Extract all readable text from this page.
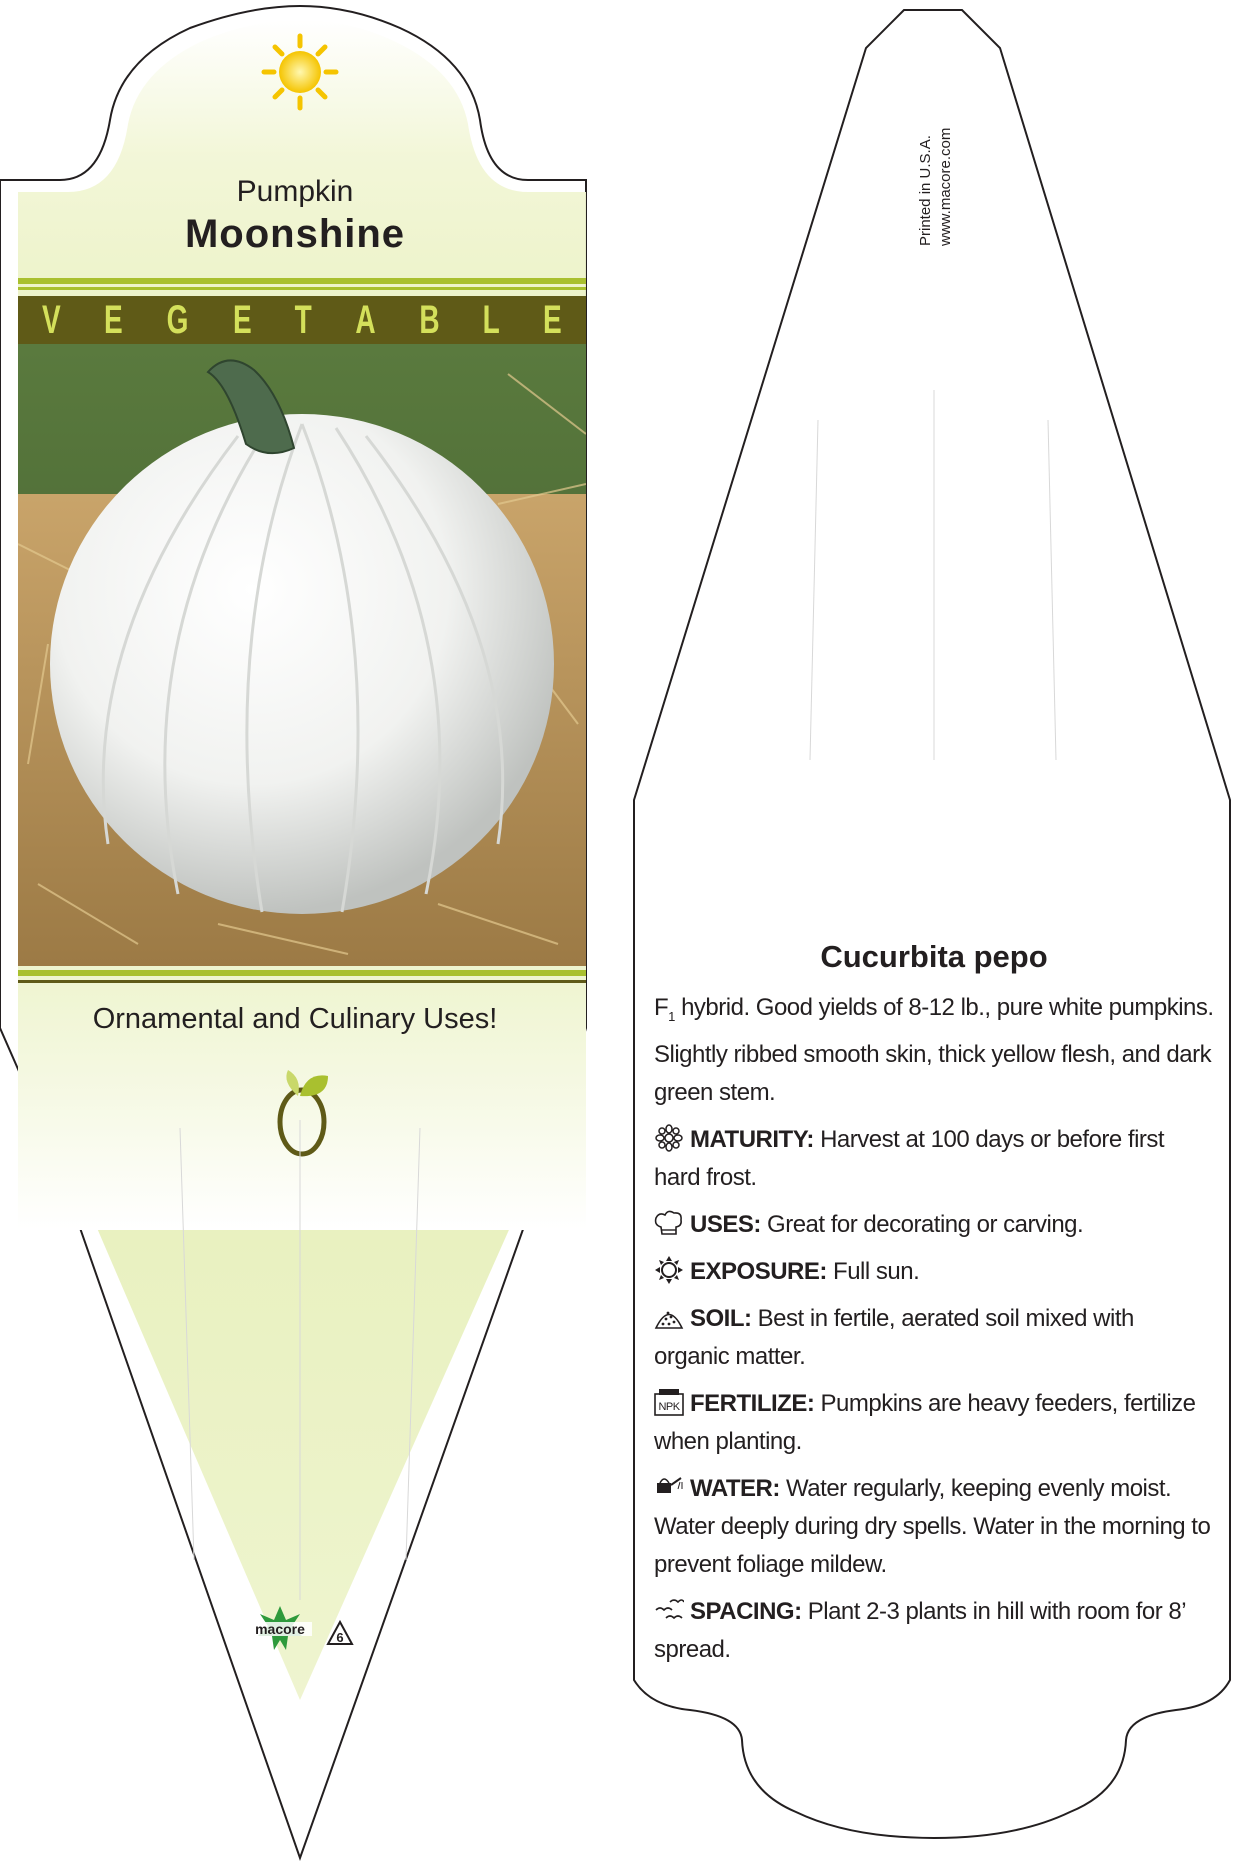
macore
6
Pumpkin
Moonshine
V E G E T A B L E
Ornamental and Culinary Uses!
Printed in U.S.A. www.macore.com
Cucurbita pepo
$F_1$ hybrid. Good yields of 8-12 lb., pure white pumpkins. Slightly ribbed smooth skin, thick yellow flesh, and dark green stem.
MATURITY: Harvest at 100 days or before first hard frost.
USES: Great for decorating or carving.
EXPOSURE: Full sun.
SOIL: Best in fertile, aerated soil mixed with organic matter.
NPK FERTILIZE: Pumpkins are heavy feeders, fertilize when planting.
WATER: Water regularly, keeping evenly moist. Water deeply during dry spells. Water in the morning to prevent foliage mildew.
SPACING: Plant 2-3 plants in hill with room for 8’ spread.
